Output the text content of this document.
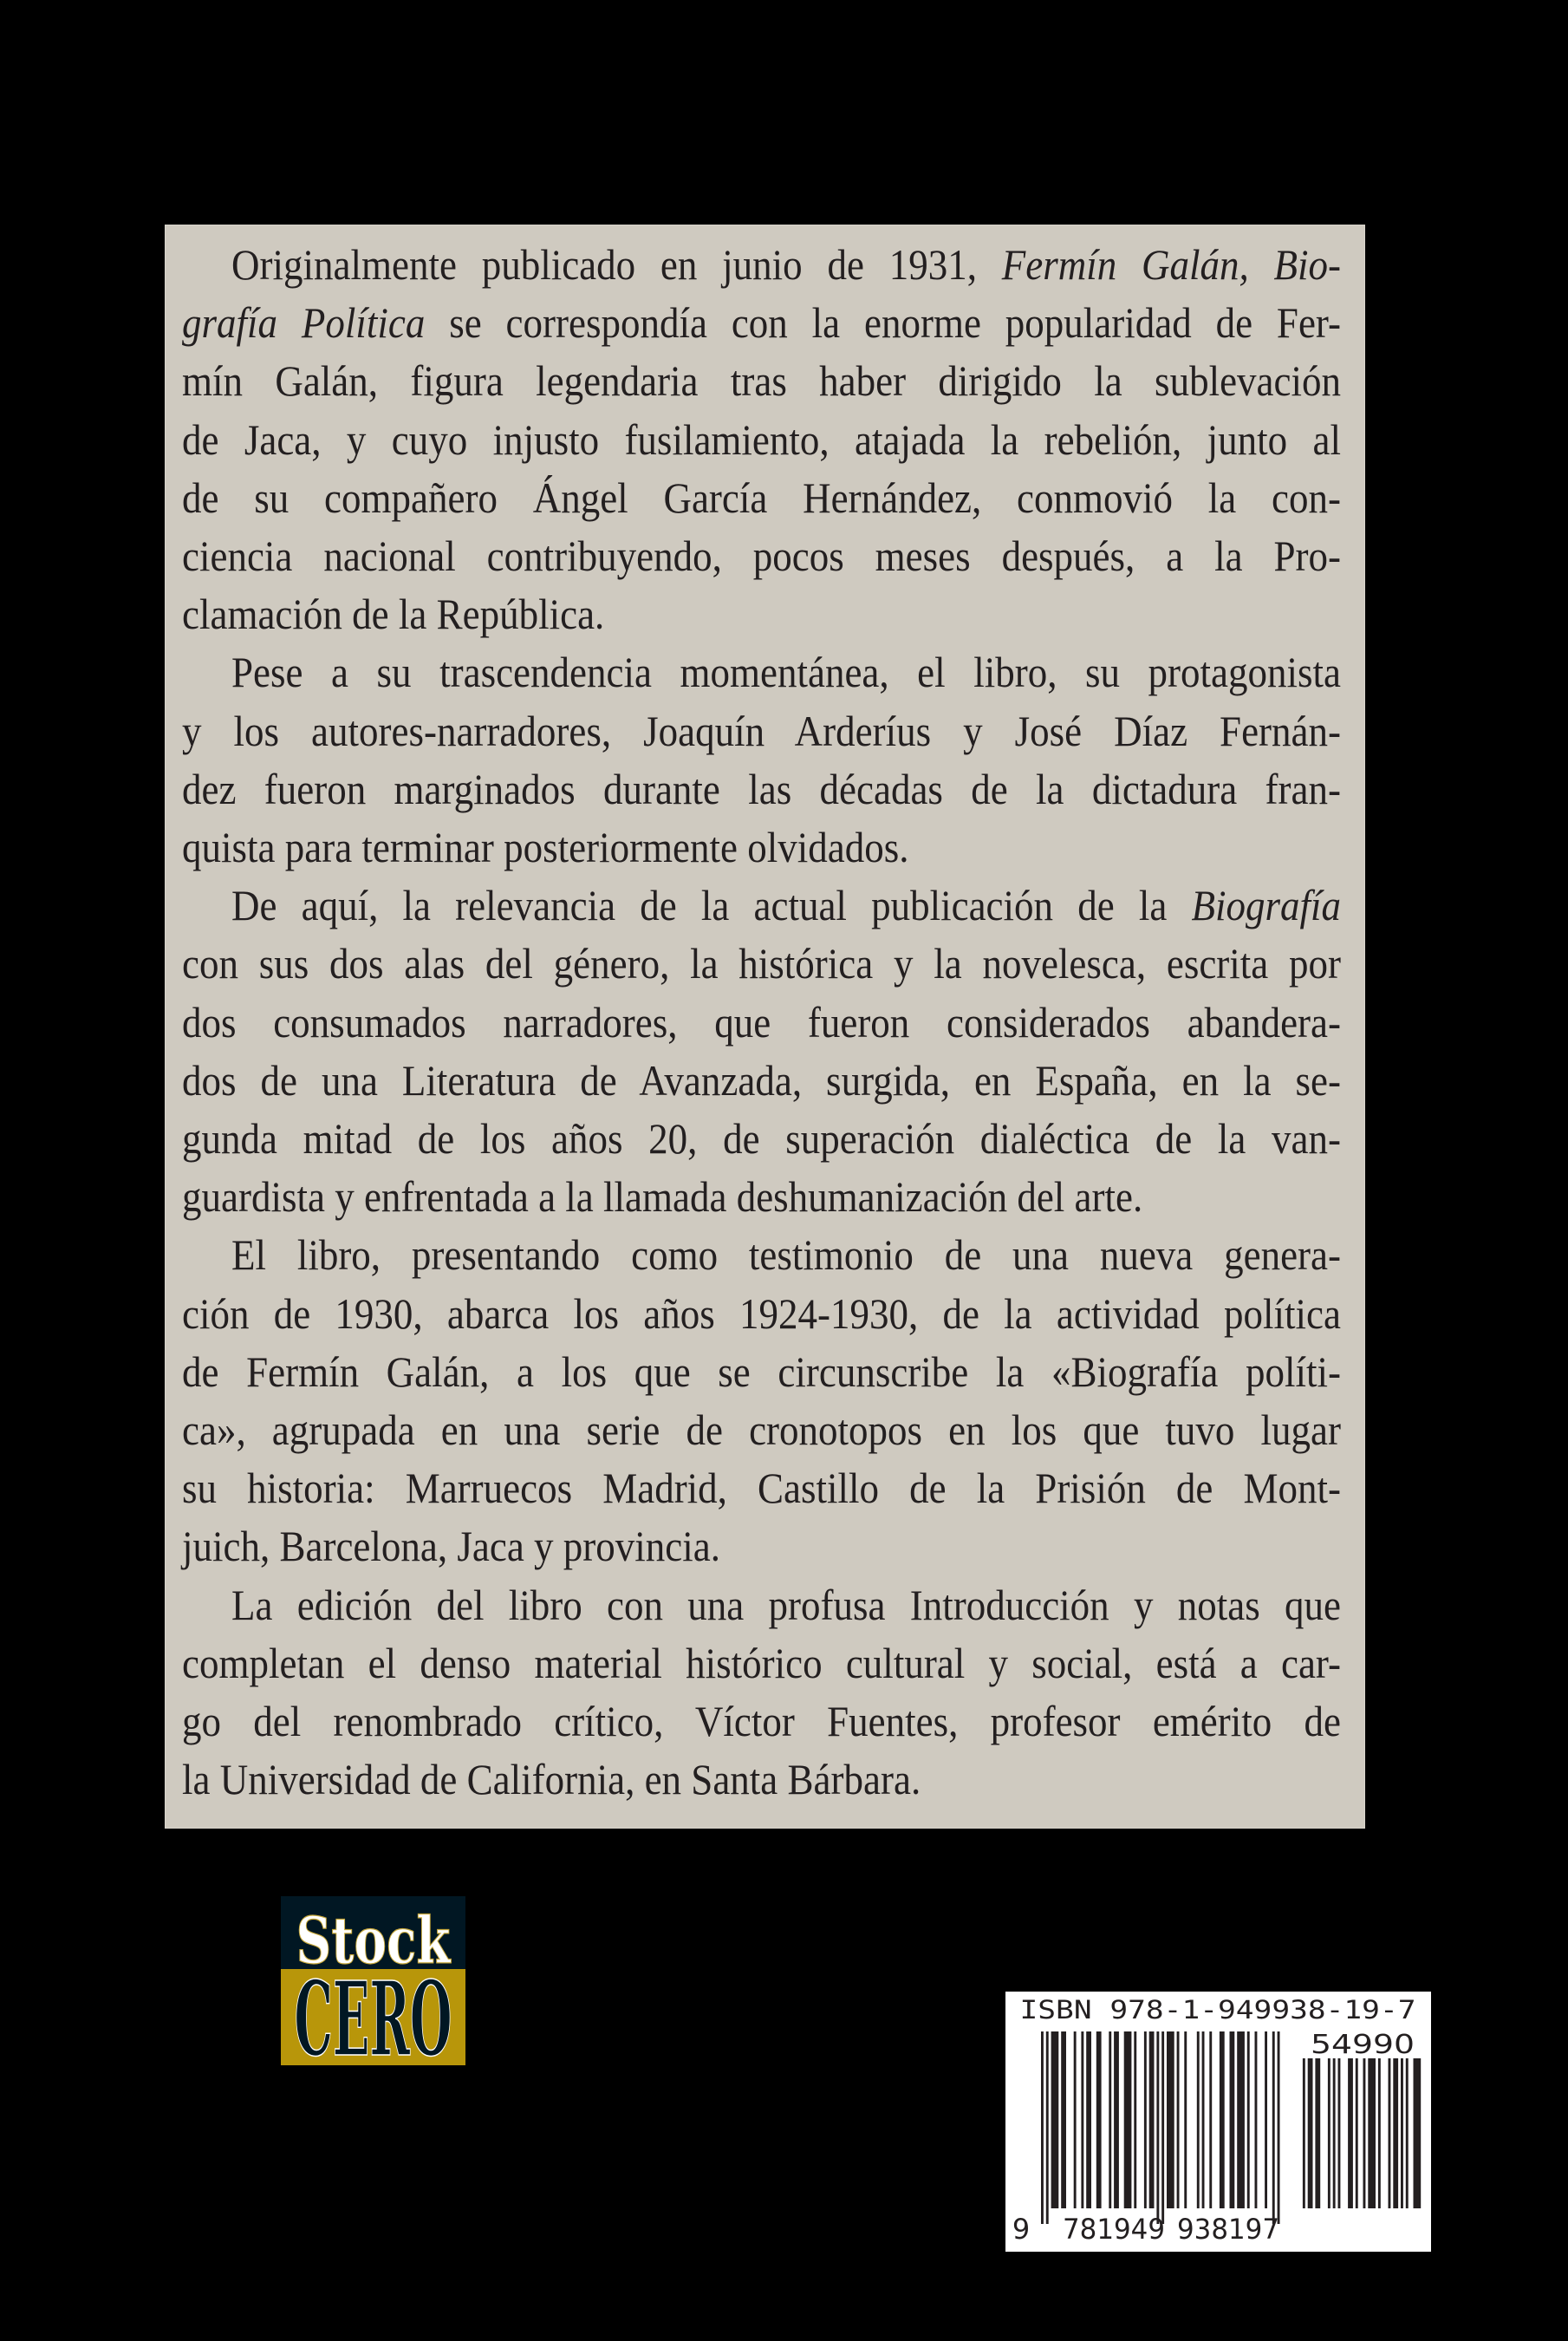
Originalmente publicado en junio de 1931, Fermín Galán, Bio-
grafía Política se correspondía con la enorme popularidad de Fer-
mín Galán, figura legendaria tras haber dirigido la sublevación
de Jaca, y cuyo injusto fusilamiento, atajada la rebelión, junto al
de su compañero Ángel García Hernández, conmovió la con-
ciencia nacional contribuyendo, pocos meses después, a la Pro-
clamación de la República.
Pese a su trascendencia momentánea, el libro, su protagonista
y los autores-narradores, Joaquín Arderíus y José Díaz Fernán-
dez fueron marginados durante las décadas de la dictadura fran-
quista para terminar posteriormente olvidados.
De aquí, la relevancia de la actual publicación de la Biografía
con sus dos alas del género, la histórica y la novelesca, escrita por
dos consumados narradores, que fueron considerados abandera-
dos de una Literatura de Avanzada, surgida, en España, en la se-
gunda mitad de los años 20, de superación dialéctica de la van-
guardista y enfrentada a la llamada deshumanización del arte.
El libro, presentando como testimonio de una nueva genera-
ción de 1930, abarca los años 1924-1930, de la actividad política
de Fermín Galán, a los que se circunscribe la «Biografía políti-
ca», agrupada en una serie de cronotopos en los que tuvo lugar
su historia: Marruecos Madrid, Castillo de la Prisión de Mont-
juich, Barcelona, Jaca y provincia.
La edición del libro con una profusa Introducción y notas que
completan el denso material histórico cultural y social, está a car-
go del renombrado crítico, Víctor Fuentes, profesor emérito de
la Universidad de California, en Santa Bárbara.
Stock
CERO	ISBN 978-1-949938-19-7
54990
9 781949 938197
